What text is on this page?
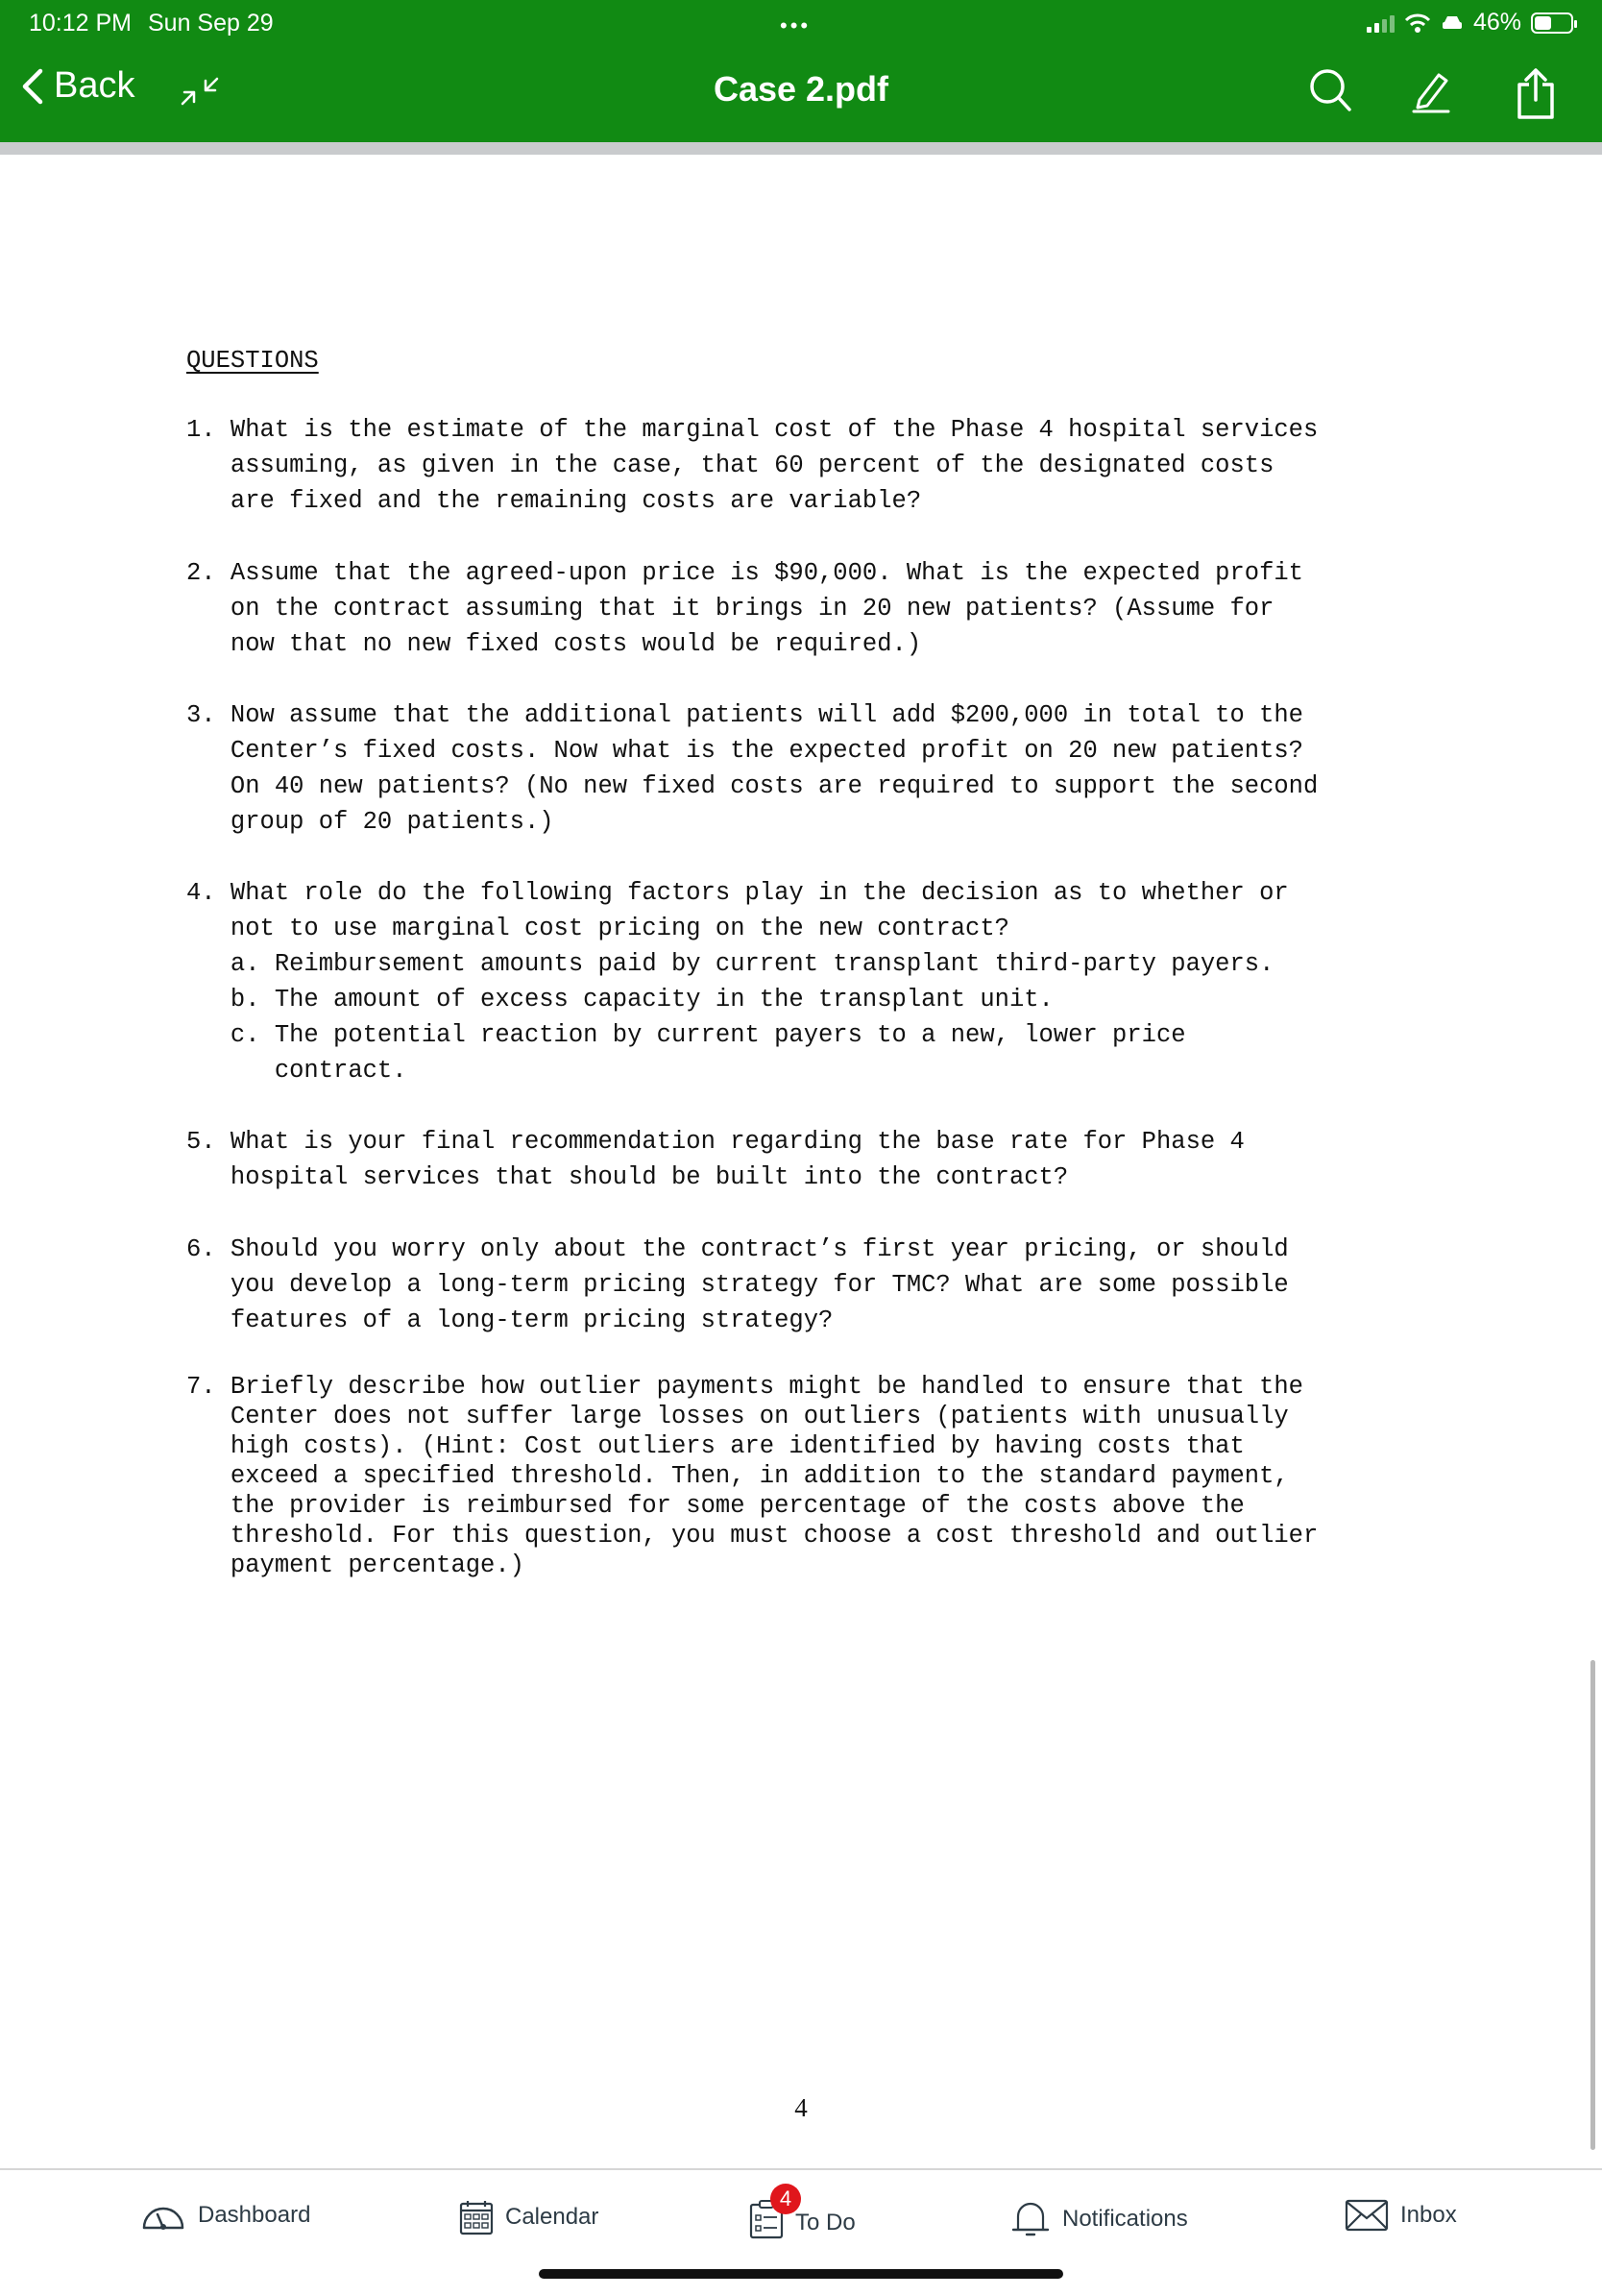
10:12 PM Sun Sep 29	•••	46%
Back	Case 2.pdf
QUESTIONS
1. What is the estimate of the marginal cost of the Phase 4 hospital services
assuming, as given in the case, that 60 percent of the designated costs
are fixed and the remaining costs are variable?
2. Assume that the agreed-upon price is $90,000. What is the expected profit
on the contract assuming that it brings in 20 new patients? (Assume for
now that no new fixed costs would be required.)
3. Now assume that the additional patients will add $200,000 in total to the
Center’s fixed costs. Now what is the expected profit on 20 new patients?
On 40 new patients? (No new fixed costs are required to support the second
group of 20 patients.)
4. What role do the following factors play in the decision as to whether or
not to use marginal cost pricing on the new contract?
a. Reimbursement amounts paid by current transplant third-party payers.
b. The amount of excess capacity in the transplant unit.
c. The potential reaction by current payers to a new, lower price
contract.
5. What is your final recommendation regarding the base rate for Phase 4
hospital services that should be built into the contract?
6. Should you worry only about the contract’s first year pricing, or should
you develop a long-term pricing strategy for TMC? What are some possible
features of a long-term pricing strategy?
7. Briefly describe how outlier payments might be handled to ensure that the
Center does not suffer large losses on outliers (patients with unusually
high costs). (Hint: Cost outliers are identified by having costs that
exceed a specified threshold. Then, in addition to the standard payment,
the provider is reimbursed for some percentage of the costs above the
threshold. For this question, you must choose a cost threshold and outlier
payment percentage.)
4
Dashboard	Calendar
4
To Do	Notifications	Inbox
